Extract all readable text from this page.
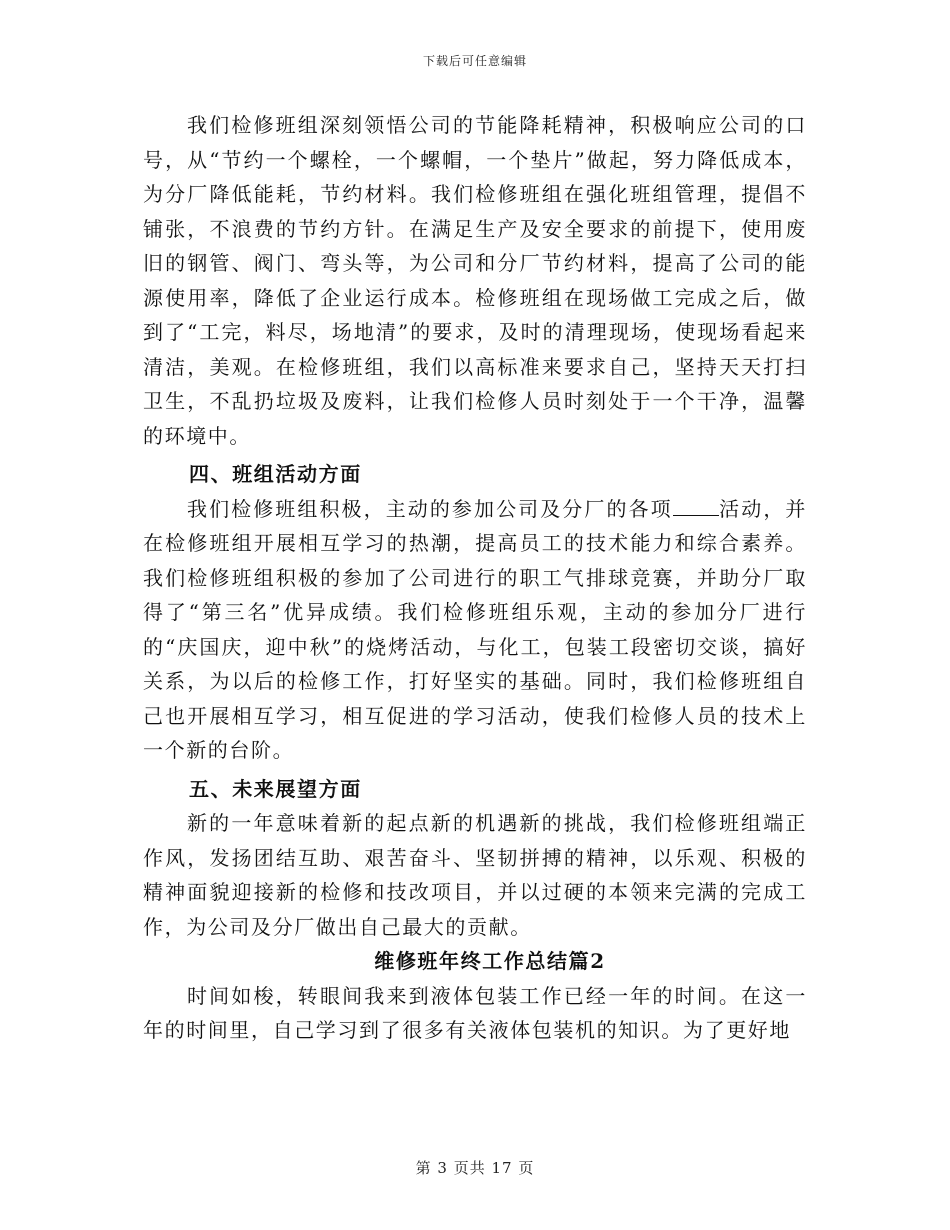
下载后可任意编辑

我们检修班组深刻领悟公司的节能降耗精神，积极响应公司的口号，从“节约一个螺栓，一个螺帽，一个垫片”做起，努力降低成本，为分厂降低能耗，节约材料。我们检修班组在强化班组管理，提倡不铺张，不浪费的节约方针。在满足生产及安全要求的前提下，使用废旧的钢管、阀门、弯头等，为公司和分厂节约材料，提高了公司的能源使用率，降低了企业运行成本。检修班组在现场做工完成之后，做到了“工完，料尽，场地清”的要求，及时的清理现场，使现场看起来清洁，美观。在检修班组，我们以高标准来要求自己，坚持天天打扫卫生，不乱扔垃圾及废料，让我们检修人员时刻处于一个干净，温馨的环境中。

四、班组活动方面

我们检修班组积极，主动的参加公司及分厂的各项 活动，并在检修班组开展相互学习的热潮，提高员工的技术能力和综合素养。我们检修班组积极的参加了公司进行的职工气排球竞赛，并助分厂取得了“第三名”优异成绩。我们检修班组乐观，主动的参加分厂进行的“庆国庆，迎中秋”的烧烤活动，与化工，包装工段密切交谈，搞好关系，为以后的检修工作，打好坚实的基础。同时，我们检修班组自己也开展相互学习，相互促进的学习活动，使我们检修人员的技术上一个新的台阶。

五、未来展望方面

新的一年意味着新的起点新的机遇新的挑战，我们检修班组端正作风，发扬团结互助、艰苦奋斗、坚韧拼搏的精神，以乐观、积极的精神面貌迎接新的检修和技改项目，并以过硬的本领来完满的完成工作，为公司及分厂做出自己最大的贡献。

维修班年终工作总结篇2

时间如梭，转眼间我来到液体包装工作已经一年的时间。在这一年的时间里，自己学习到了很多有关液体包装机的知识。为了更好地

第 3 页共 17 页
